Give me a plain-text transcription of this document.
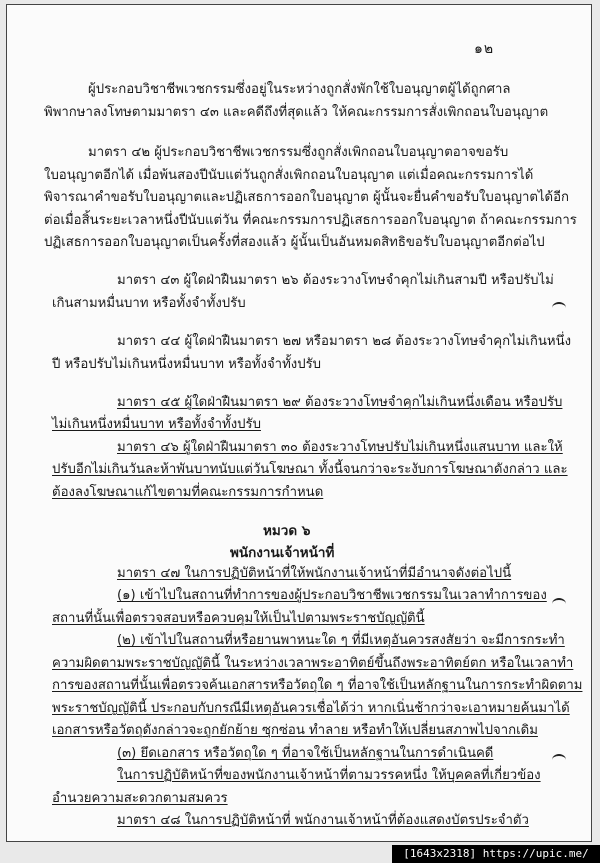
๑๒
ผู้ประกอบวิชาชีพเวชกรรมซึ่งอยู่ในระหว่างถูกสั่งพักใช้ใบอนุญาตผู้ได้ถูกศาล
พิพากษาลงโทษตามมาตรา ๔๓ และคดีถึงที่สุดแล้ว ให้คณะกรรมการสั่งเพิกถอนใบอนุญาต
มาตรา ๔๒ ผู้ประกอบวิชาชีพเวชกรรมซึ่งถูกสั่งเพิกถอนใบอนุญาตอาจขอรับ
ใบอนุญาตอีกได้ เมื่อพ้นสองปีนับแต่วันถูกสั่งเพิกถอนใบอนุญาต แต่เมื่อคณะกรรมการได้
พิจารณาคำขอรับใบอนุญาตและปฏิเสธการออกใบอนุญาต ผู้นั้นจะยื่นคำขอรับใบอนุญาตได้อีก
ต่อเมื่อสิ้นระยะเวลาหนึ่งปีนับแต่วัน ที่คณะกรรมการปฏิเสธการออกใบอนุญาต ถ้าคณะกรรมการ
ปฏิเสธการออกใบอนุญาตเป็นครั้งที่สองแล้ว ผู้นั้นเป็นอันหมดสิทธิขอรับใบอนุญาตอีกต่อไป
มาตรา ๔๓ ผู้ใดฝ่าฝืนมาตรา ๒๖ ต้องระวางโทษจำคุกไม่เกินสามปี หรือปรับไม่
เกินสามหมื่นบาท หรือทั้งจำทั้งปรับ
มาตรา ๔๔ ผู้ใดฝ่าฝืนมาตรา ๒๗ หรือมาตรา ๒๘ ต้องระวางโทษจำคุกไม่เกินหนึ่ง
ปี หรือปรับไม่เกินหนึ่งหมื่นบาท หรือทั้งจำทั้งปรับ
มาตรา ๔๕ ผู้ใดฝ่าฝืนมาตรา ๒๙ ต้องระวางโทษจำคุกไม่เกินหนึ่งเดือน หรือปรับ
ไม่เกินหนึ่งหมื่นบาท หรือทั้งจำทั้งปรับ
มาตรา ๔๖ ผู้ใดฝ่าฝืนมาตรา ๓๐ ต้องระวางโทษปรับไม่เกินหนึ่งแสนบาท และให้
ปรับอีกไม่เกินวันละห้าพันบาทนับแต่วันโฆษณา ทั้งนี้จนกว่าจะระงับการโฆษณาดังกล่าว และ
ต้องลงโฆษณาแก้ไขตามที่คณะกรรมการกำหนด
หมวด ๖
พนักงานเจ้าหน้าที่
มาตรา ๔๗ ในการปฏิบัติหน้าที่ให้พนักงานเจ้าหน้าที่มีอำนาจดังต่อไปนี้
(๑) เข้าไปในสถานที่ทำการของผู้ประกอบวิชาชีพเวชกรรมในเวลาทำการของ
สถานที่นั้นเพื่อตรวจสอบหรือควบคุมให้เป็นไปตามพระราชบัญญัตินี้
(๒) เข้าไปในสถานที่หรือยานพาหนะใด ๆ ที่มีเหตุอันควรสงสัยว่า จะมีการกระทำ
ความผิดตามพระราชบัญญัตินี้ ในระหว่างเวลาพระอาทิตย์ขึ้นถึงพระอาทิตย์ตก หรือในเวลาทำ
การของสถานที่นั้นเพื่อตรวจค้นเอกสารหรือวัตถุใด ๆ ที่อาจใช้เป็นหลักฐานในการกระทำผิดตาม
พระราชบัญญัตินี้ ประกอบกับกรณีมีเหตุอันควรเชื่อได้ว่า หากเนิ่นช้ากว่าจะเอาหมายค้นมาได้
เอกสารหรือวัตถุดังกล่าวจะถูกยักย้าย ซุกซ่อน ทำลาย หรือทำให้เปลี่ยนสภาพไปจากเดิม
(๓) ยึดเอกสาร หรือวัตถุใด ๆ ที่อาจใช้เป็นหลักฐานในการดำเนินคดี
ในการปฏิบัติหน้าที่ของพนักงานเจ้าหน้าที่ตามวรรคหนึ่ง ให้บุคคลที่เกี่ยวข้อง
อำนวยความสะดวกตามสมควร
มาตรา ๔๘ ในการปฏิบัติหน้าที่ พนักงานเจ้าหน้าที่ต้องแสดงบัตรประจำตัว
[1643x2318] https://upic.me/
